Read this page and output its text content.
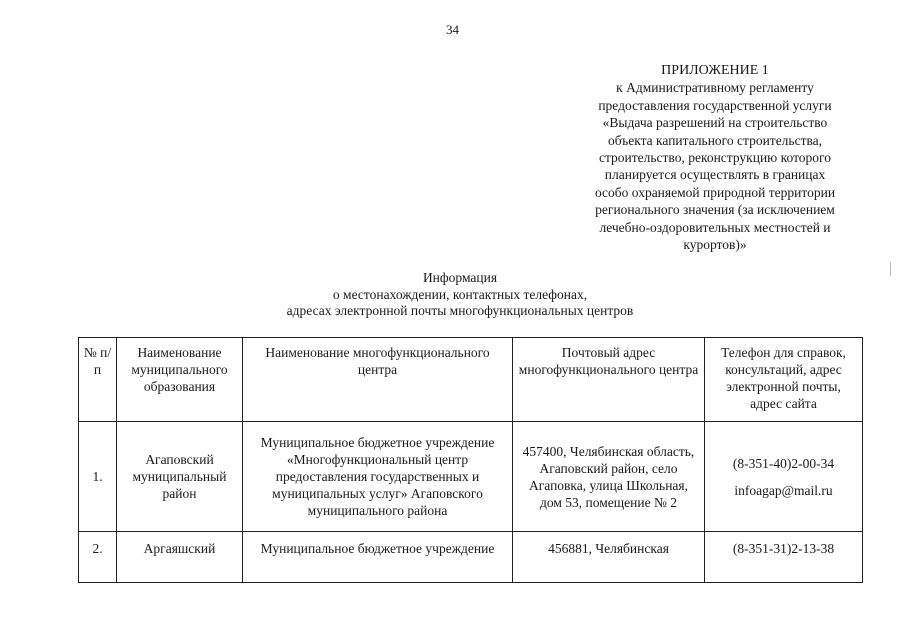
34
ПРИЛОЖЕНИЕ 1
к Административному регламенту
предоставления государственной услуги
«Выдача разрешений на строительство
объекта капитального строительства,
строительство, реконструкцию которого
планируется осуществлять в границах
особо охраняемой природной территории
регионального значения (за исключением
лечебно-оздоровительных местностей и
курортов)»
Информация
о местонахождении, контактных телефонах,
адресах электронной почты многофункциональных центров
№ п/п	Наименование муниципального образования	Наименование многофункционального центра	Почтовый адрес многофункционального центра	Телефон для справок, консультаций, адрес электронной почты, адрес сайта
1.	Агаповский муниципальный район	Муниципальное бюджетное учреждение «Многофункциональный центр предоставления государственных и муниципальных услуг» Агаповского муниципального района	457400, Челябинская область, Агаповский район, село Агаповка, улица Школьная, дом 53, помещение № 2	(8-351-40)2-00-34
infoagap@mail.ru

2.	Аргаяшский	Муниципальное бюджетное учреждение	456881, Челябинская	(8-351-31)2-13-38
